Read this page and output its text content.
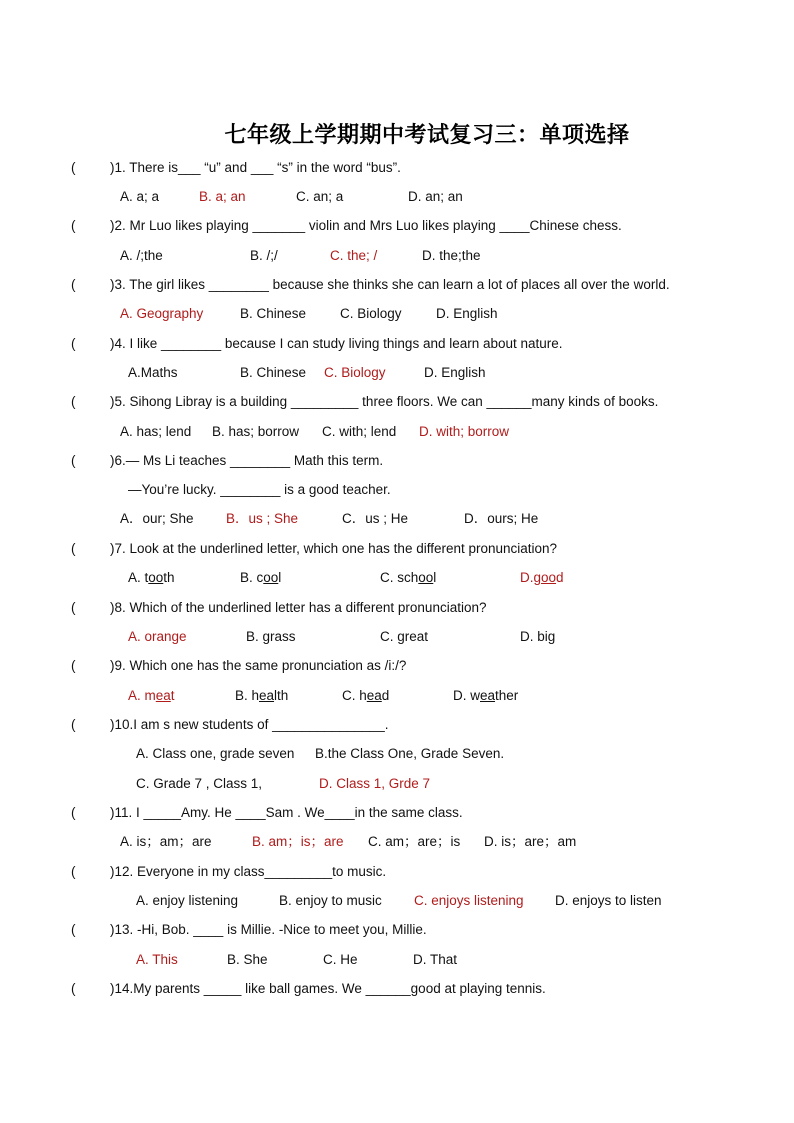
七年级上学期期中考试复习三：单项选择
(	)1. There is___ “u” and ___ “s” in the word “bus”.
A. a; a	B. a; an	C. an; a	D. an; an
(	)2. Mr Luo likes playing _______ violin and Mrs Luo likes playing ____Chinese chess.
A. /;the	B. /;/	C. the; /	D. the;the
(	)3. The girl likes ________ because she thinks she can learn a lot of places all over the world.
A. Geography	B. Chinese	C. Biology	D. English
(	)4. I like ________ because I can study living things and learn about nature.
A.Maths	B. Chinese C. Biology	D. English
(	)5. Sihong Libray is a building _________ three floors. We can ______many kinds of books.
A. has; lend B. has; borrow C. with; lend D. with; borrow
(	)6.— Ms Li teaches ________ Math this term.
—You’re lucky. ________ is a good teacher.
A．our; She B．us ; She	C．us ; He	D．ours; He
(	)7. Look at the underlined letter, which one has the different pronunciation?
A. tooth	B. cool	C. school	D.good
(	)8. Which of the underlined letter has a different pronunciation?
A. orange	B. grass	C. great	D. big
(	)9. Which one has the same pronunciation as /i:/?
A. meat	B. health	C. head	D. weather
(	)10.I am s new students of _______________.
A. Class one, grade seven B.the Class One, Grade Seven.
C. Grade 7 , Class 1,	D. Class 1, Grde 7
(	)11. I _____Amy. He ____Sam . We____in the same class.
A. is；am；are	B. am；is；are C. am；are；is D. is；are；am
(	)12. Everyone in my class_________to music.
A. enjoy listening	B. enjoy to music C. enjoys listening D. enjoys to listen
(	)13. -Hi, Bob. ____ is Millie. -Nice to meet you, Millie.
A. This	B. She	C. He	D. That
(	)14.My parents _____ like ball games. We ______good at playing tennis.
